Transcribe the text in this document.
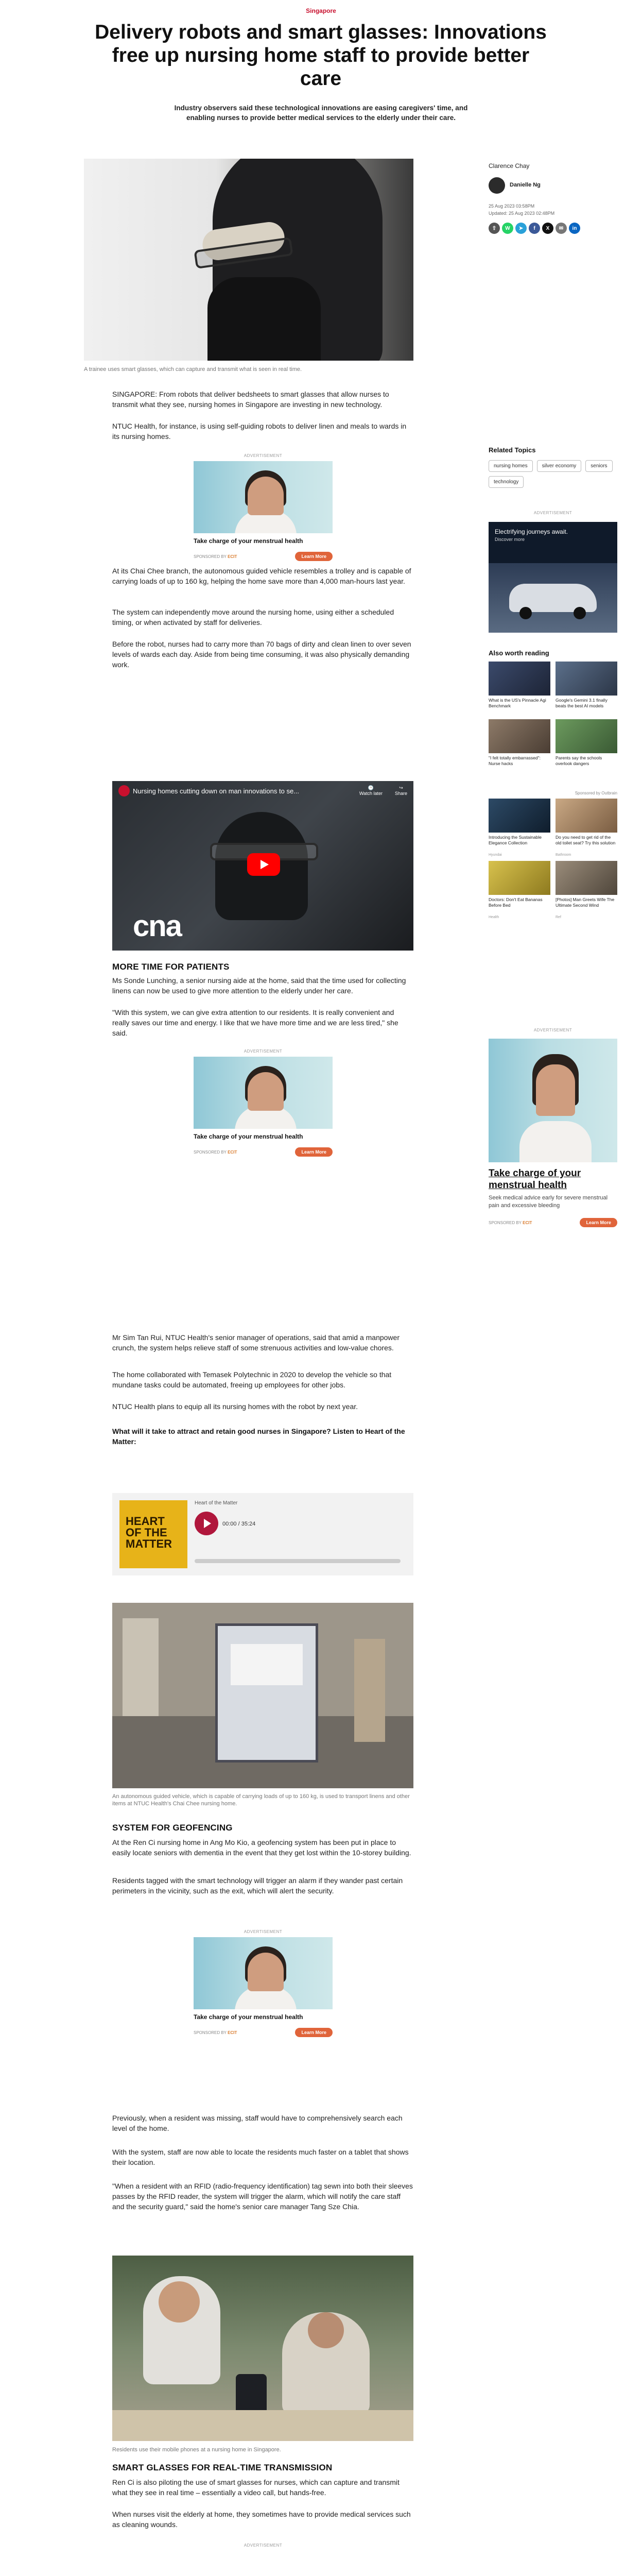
Singapore
Delivery robots and smart glasses: Innovations free up nursing home staff to provide better care

Industry observers said these technological innovations are easing caregivers' time, and enabling nurses to provide better medical services to the elderly under their care.

A trainee uses smart glasses, which can capture and transmit what is seen in real time.
Clarence Chay
Danielle Ng
25 Aug 2023 03:58PM
Updated: 25 Aug 2023 02:48PM
⇧	W	➤	f	X	✉	in

SINGAPORE: From robots that deliver bedsheets to smart glasses that allow nurses to transmit what they see, nursing homes in Singapore are investing in new technology.

NTUC Health, for instance, is using self-guiding robots to deliver linen and meals to wards in its nursing homes.

ADVERTISEMENT
Take charge of your menstrual health
SPONSORED BY ECIT	Learn More

At its Chai Chee branch, the autonomous guided vehicle resembles a trolley and is capable of carrying loads of up to 160 kg, helping the home save more than 4,000 man-hours last year.

The system can independently move around the nursing home, using either a scheduled timing, or when activated by staff for deliveries.

Before the robot, nurses had to carry more than 70 bags of dirty and clean linen to over seven levels of wards each day. Aside from being time consuming, it was also physically demanding work.

Nursing homes cutting down on man innovations to se...	🕒
Watch later
↪
Share
cna
MORE TIME FOR PATIENTS

Ms Sonde Lunching, a senior nursing aide at the home, said that the time used for collecting linens can now be used to give more attention to the elderly under her care.

"With this system, we can give extra attention to our residents. It is really convenient and really saves our time and energy. I like that we have more time and we are less tired," she said.

ADVERTISEMENT
Take charge of your menstrual health
SPONSORED BY ECIT	Learn More

Mr Sim Tan Rui, NTUC Health's senior manager of operations, said that amid a manpower crunch, the system helps relieve staff of some strenuous activities and low-value chores.

The home collaborated with Temasek Polytechnic in 2020 to develop the vehicle so that mundane tasks could be automated, freeing up employees for other jobs.

NTUC Health plans to equip all its nursing homes with the robot by next year.

What will it take to attract and retain good nurses in Singapore? Listen to Heart of the Matter:

HEART OF THE MATTER
Heart of the Matter
00:00 / 35:24
An autonomous guided vehicle, which is capable of carrying loads of up to 160 kg, is used to transport linens and other items at NTUC Health's Chai Chee nursing home.
SYSTEM FOR GEOFENCING

At the Ren Ci nursing home in Ang Mo Kio, a geofencing system has been put in place to easily locate seniors with dementia in the event that they get lost within the 10-storey building.

Residents tagged with the smart technology will trigger an alarm if they wander past certain perimeters in the vicinity, such as the exit, which will alert the security.

ADVERTISEMENT
Take charge of your menstrual health
SPONSORED BY ECIT	Learn More

Previously, when a resident was missing, staff would have to comprehensively search each level of the home.

With the system, staff are now able to locate the residents much faster on a tablet that shows their location.

"When a resident with an RFID (radio-frequency identification) tag sewn into both their sleeves passes by the RFID reader, the system will trigger the alarm, which will notify the care staff and the security guard," said the home's senior care manager Tang Sze Chia.

Residents use their mobile phones at a nursing home in Singapore.
SMART GLASSES FOR REAL-TIME TRANSMISSION

Ren Ci is also piloting the use of smart glasses for nurses, which can capture and transmit what they see in real time – essentially a video call, but hands-free.

When nurses visit the elderly at home, they sometimes have to provide medical services such as cleaning wounds.

ADVERTISEMENT

Related Topics
nursing homes	silver economy	seniors
technology
ADVERTISEMENT
Electrifying journeys await.
Discover more
Also worth reading
What is the US's Pinnacle Agi Benchmark
Google's Gemini 3.1 finally beats the best AI models
"I felt totally embarrassed": Nurse hacks
Parents say the schools overlook dangers
Sponsored by Outbrain
Introducing the Sustainable Elegance Collection
Hyundai
Do you need to get rid of the old toilet seat? Try this solution
Bathroom
Doctors: Don't Eat Bananas Before Bed
Health
[Photos] Man Greets Wife The Ultimate Second Wind
Ref
ADVERTISEMENT
Take charge of your menstrual health
Seek medical advice early for severe menstrual pain and excessive bleeding
SPONSORED BY ECIT	Learn More
